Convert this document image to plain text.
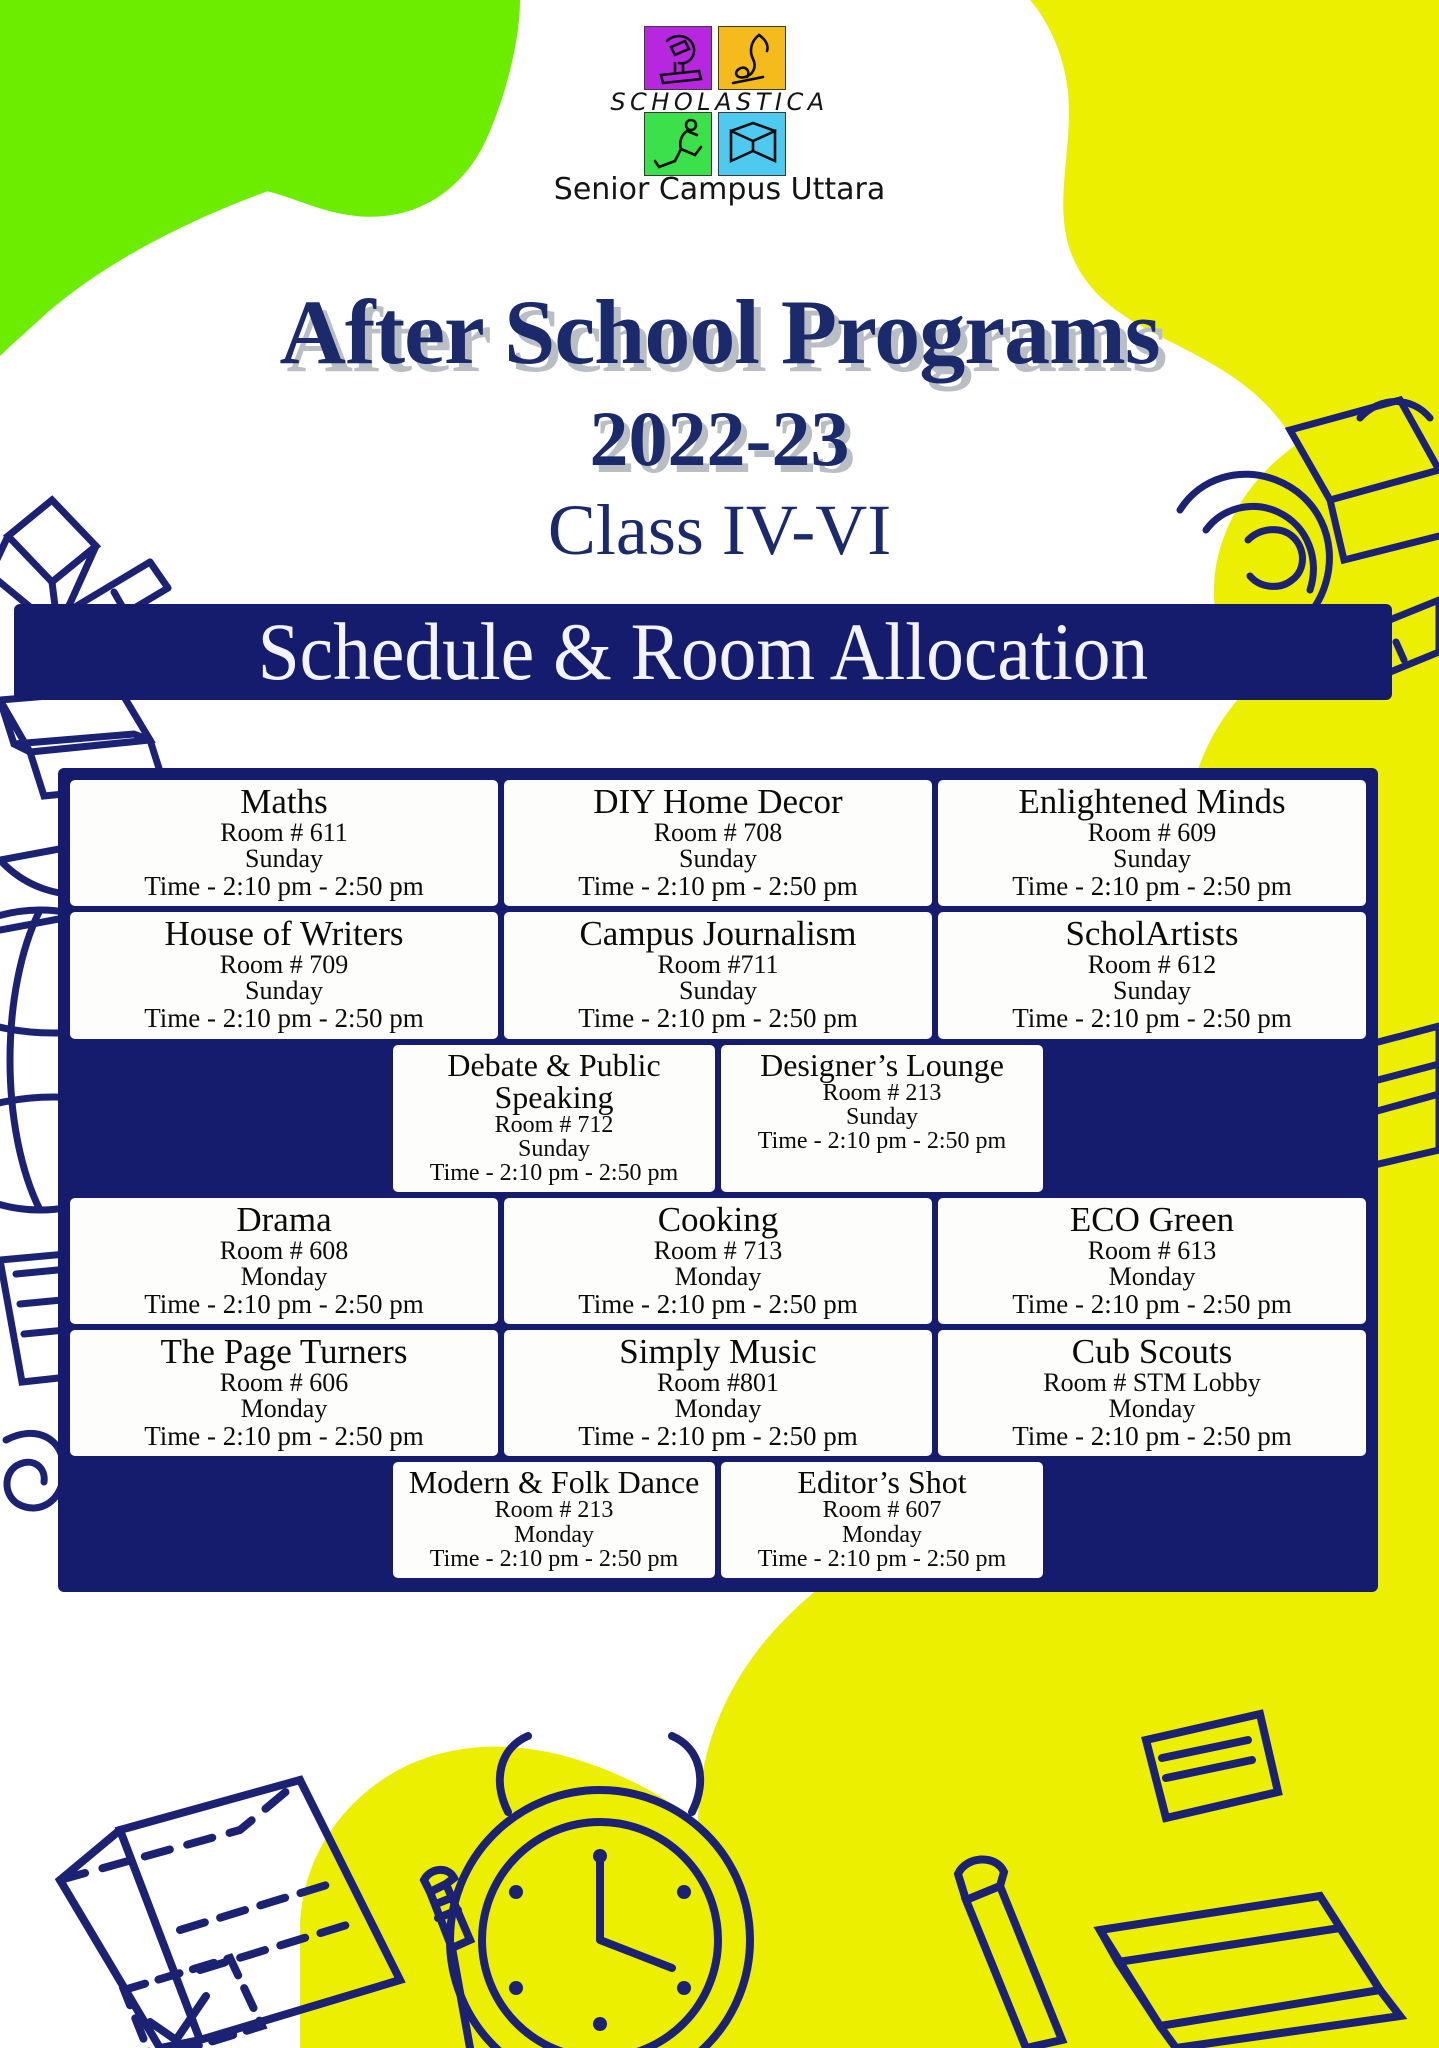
SCHOLASTICA
Senior Campus Uttara
After School Programs
2022-23
Class IV-VI
Schedule & Room Allocation
Maths
Room # 611
Sunday
Time - 2:10 pm - 2:50 pm
DIY Home Decor
Room # 708
Sunday
Time - 2:10 pm - 2:50 pm
Enlightened Minds
Room # 609
Sunday
Time - 2:10 pm - 2:50 pm
House of Writers
Room # 709
Sunday
Time - 2:10 pm - 2:50 pm
Campus Journalism
Room #711
Sunday
Time - 2:10 pm - 2:50 pm
ScholArtists
Room # 612
Sunday
Time - 2:10 pm - 2:50 pm
Debate & Public Speaking
Room # 712
Sunday
Time - 2:10 pm - 2:50 pm
Designer’s Lounge
Room # 213
Sunday
Time - 2:10 pm - 2:50 pm
Drama
Room # 608
Monday
Time - 2:10 pm - 2:50 pm
Cooking
Room # 713
Monday
Time - 2:10 pm - 2:50 pm
ECO Green
Room # 613
Monday
Time - 2:10 pm - 2:50 pm
The Page Turners
Room # 606
Monday
Time - 2:10 pm - 2:50 pm
Simply Music
Room #801
Monday
Time - 2:10 pm - 2:50 pm
Cub Scouts
Room # STM Lobby
Monday
Time - 2:10 pm - 2:50 pm
Modern & Folk Dance
Room # 213
Monday
Time - 2:10 pm - 2:50 pm
Editor’s Shot
Room # 607
Monday
Time - 2:10 pm - 2:50 pm
